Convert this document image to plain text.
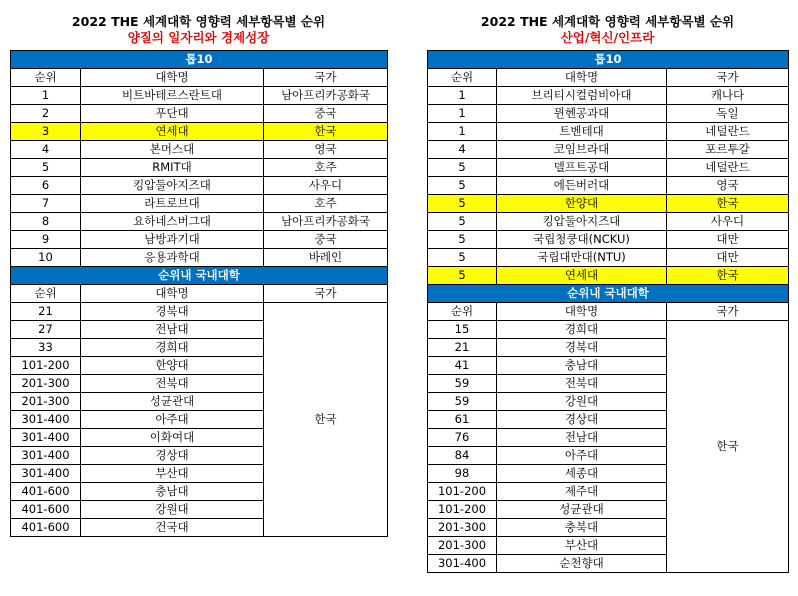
2022 THE 세계대학 영향력 세부항목별 순위
양질의 일자리와 경제성장
톱10		
순위	대학명	국가
1	비트바테르스란트대	남아프리카공화국
2	푸단대	중국
3	연세대	한국
4	본머스대	영국
5	RMIT대	호주
6	킹압둘아지즈대	사우디
7	라트로브대	호주
8	요하네스버그대	남아프리카공화국
9	남방과기대	중국
10	응용과학대	바레인
순위내 국내대학		
순위	대학명	국가
21	경북대	한국
27	전남대	
33	경희대	
101-200	한양대	
201-300	전북대	
201-300	성균관대	
301-400	아주대	
301-400	이화여대	
301-400	경상대	
301-400	부산대	
401-600	충남대	
401-600	강원대	
401-600	건국대	
2022 THE 세계대학 영향력 세부항목별 순위
산업/혁신/인프라
톱10		
순위	대학명	국가
1	브리티시컬럼비아대	캐나다
1	뮌헨공과대	독일
1	트벤테대	네덜란드
4	코임브라대	포르투갈
5	델프트공대	네덜란드
5	에든버러대	영국
5	한양대	한국
5	킹압둘아지즈대	사우디
5	국립청쿵대(NCKU)	대만
5	국립대만대(NTU)	대만
5	연세대	한국
순위내 국내대학		
순위	대학명	국가
15	경희대	한국
21	경북대	
41	충남대	
59	전북대	
59	강원대	
61	경상대	
76	전남대	
84	아주대	
98	세종대	
101-200	제주대	
101-200	성균관대	
201-300	충북대	
201-300	부산대	
301-400	순천향대	
